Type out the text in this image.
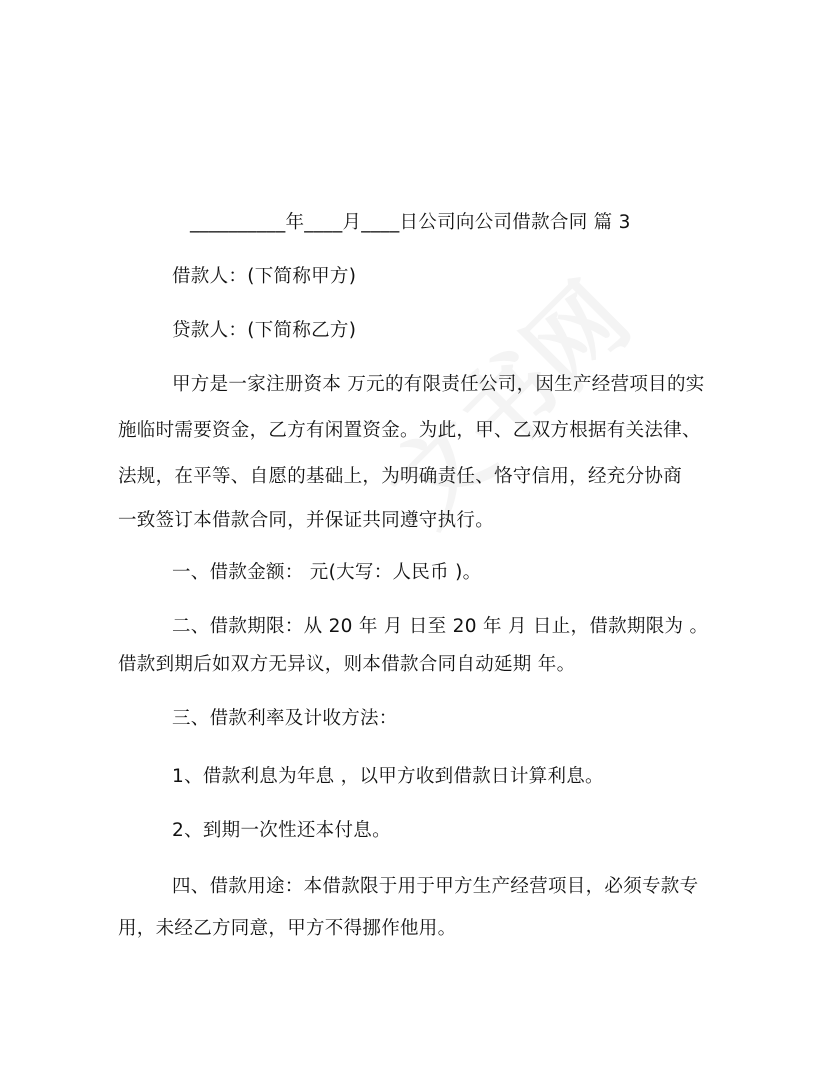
__________年____月____日公司向公司借款合同 篇 3
借款人：(下简称甲方)
贷款人：(下简称乙方)
甲方是一家注册资本 万元的有限责任公司，因生产经营项目的实
施临时需要资金，乙方有闲置资金。为此，甲、乙双方根据有关法律、
法规，在平等、自愿的基础上，为明确责任、恪守信用，经充分协商
一致签订本借款合同，并保证共同遵守执行。
一、借款金额： 元(大写：人民币 )。
二、借款期限：从 20 年 月 日至 20 年 月 日止，借款期限为 。
借款到期后如双方无异议，则本借款合同自动延期 年。
三、借款利率及计收方法：
1、借款利息为年息 ，以甲方收到借款日计算利息。
2、到期一次性还本付息。
四、借款用途：本借款限于用于甲方生产经营项目，必须专款专
用，未经乙方同意，甲方不得挪作他用。
